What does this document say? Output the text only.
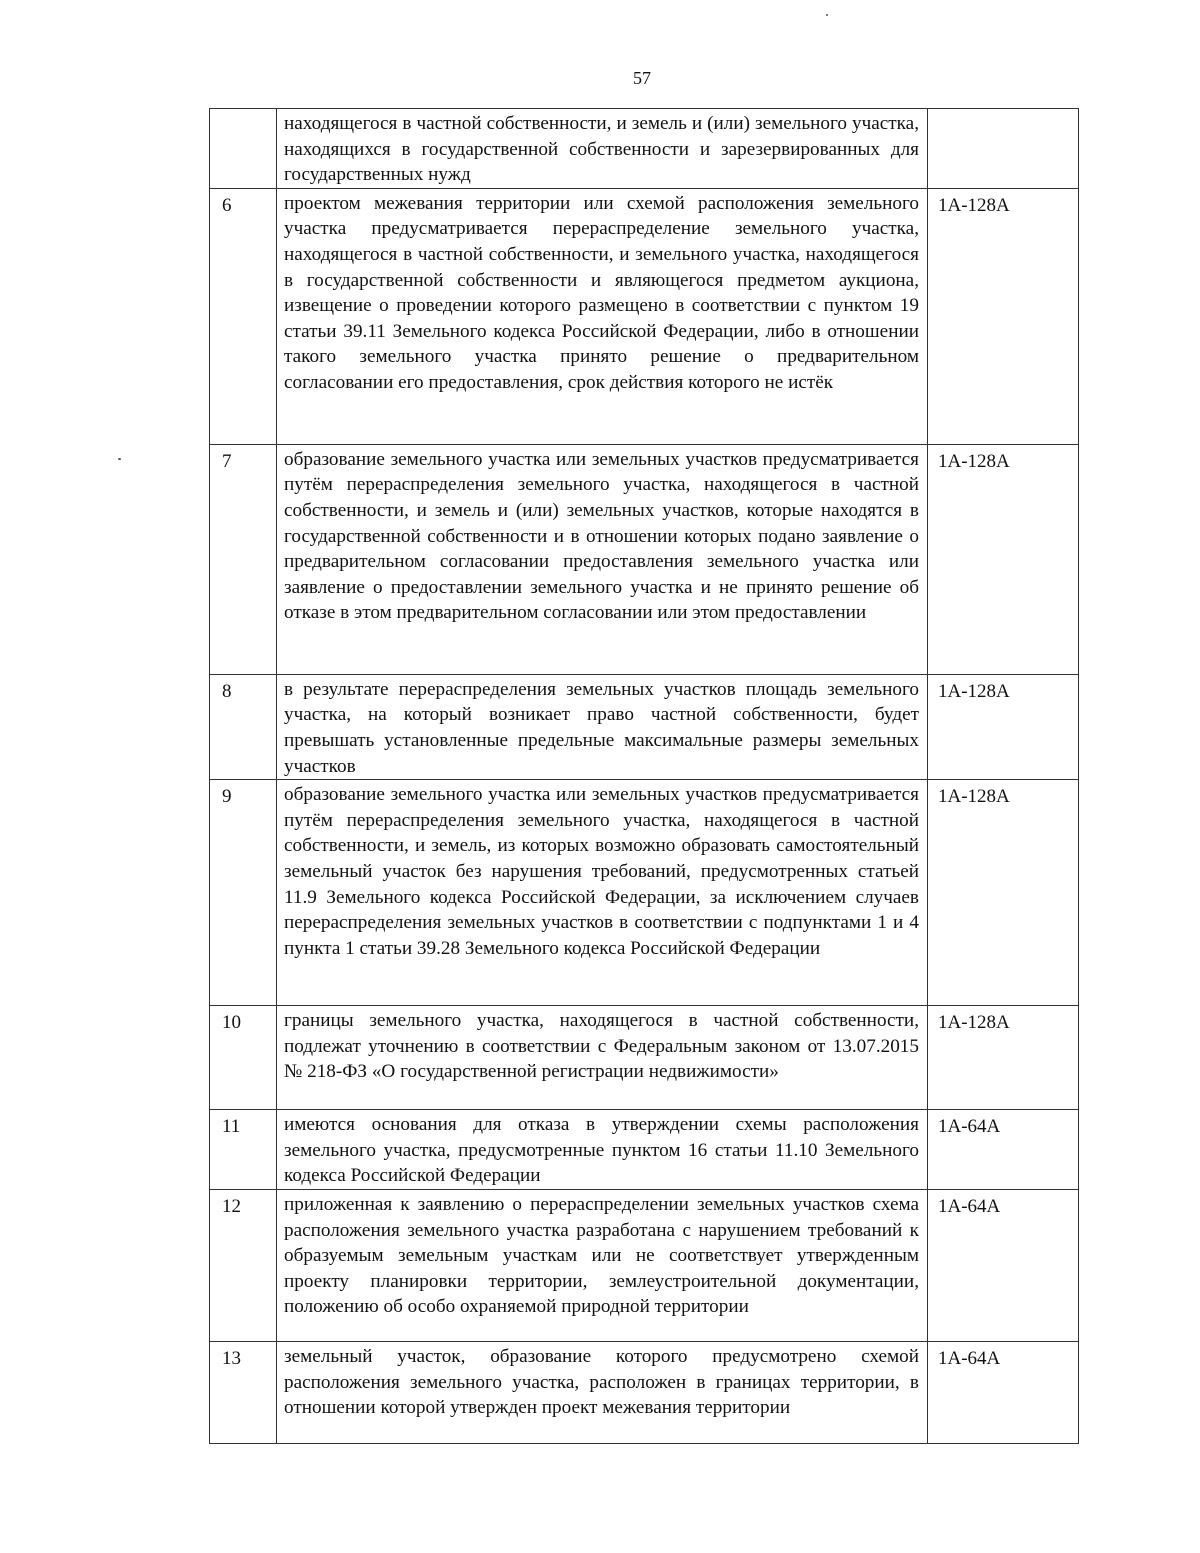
57
	находящегося в частной собственности, и земель и (или) земельного участка, находящихся в государственной собственности и зарезервированных для государственных нужд	
6	проектом межевания территории или схемой расположения земельного участка предусматривается перераспределение земельного участка, находящегося в частной собственности, и земельного участка, находящегося в государственной собственности и являющегося предметом аукциона, извещение о проведении которого размещено в соответствии с пунктом 19 статьи 39.11 Земельного кодекса Российской Федерации, либо в отношении такого земельного участка принято решение о предварительном согласовании его предоставления, срок действия которого не истёк	1А-128А
7	образование земельного участка или земельных участков предусматривается путём перераспределения земельного участка, находящегося в частной собственности, и земель и (или) земельных участков, которые находятся в государственной собственности и в отношении которых подано заявление о предварительном согласовании предоставления земельного участка или заявление о предоставлении земельного участка и не принято решение об отказе в этом предварительном согласовании или этом предоставлении	1А-128А
8	в результате перераспределения земельных участков площадь земельного участка, на который возникает право частной собственности, будет превышать установленные предельные максимальные размеры земельных участков	1А-128А
9	образование земельного участка или земельных участков предусматривается путём перераспределения земельного участка, находящегося в частной собственности, и земель, из которых возможно образовать самостоятельный земельный участок без нарушения требований, предусмотренных статьей 11.9 Земельного кодекса Российской Федерации, за исключением случаев перераспределения земельных участков в соответствии с подпунктами 1 и 4 пункта 1 статьи 39.28 Земельного кодекса Российской Федерации	1А-128А
10	границы земельного участка, находящегося в частной собственности, подлежат уточнению в соответствии с Федеральным законом от 13.07.2015 № 218-ФЗ «О государственной регистрации недвижимости»	1А-128А
11	имеются основания для отказа в утверждении схемы расположения земельного участка, предусмотренные пунктом 16 статьи 11.10 Земельного кодекса Российской Федерации	1А-64А
12	приложенная к заявлению о перераспределении земельных участков схема расположения земельного участка разработана с нарушением требований к образуемым земельным участкам или не соответствует утвержденным проекту планировки территории, землеустроительной документации, положению об особо охраняемой природной территории	1А-64А
13	земельный участок, образование которого предусмотрено схемой расположения земельного участка, расположен в границах территории, в отношении которой утвержден проект межевания территории	1А-64А
